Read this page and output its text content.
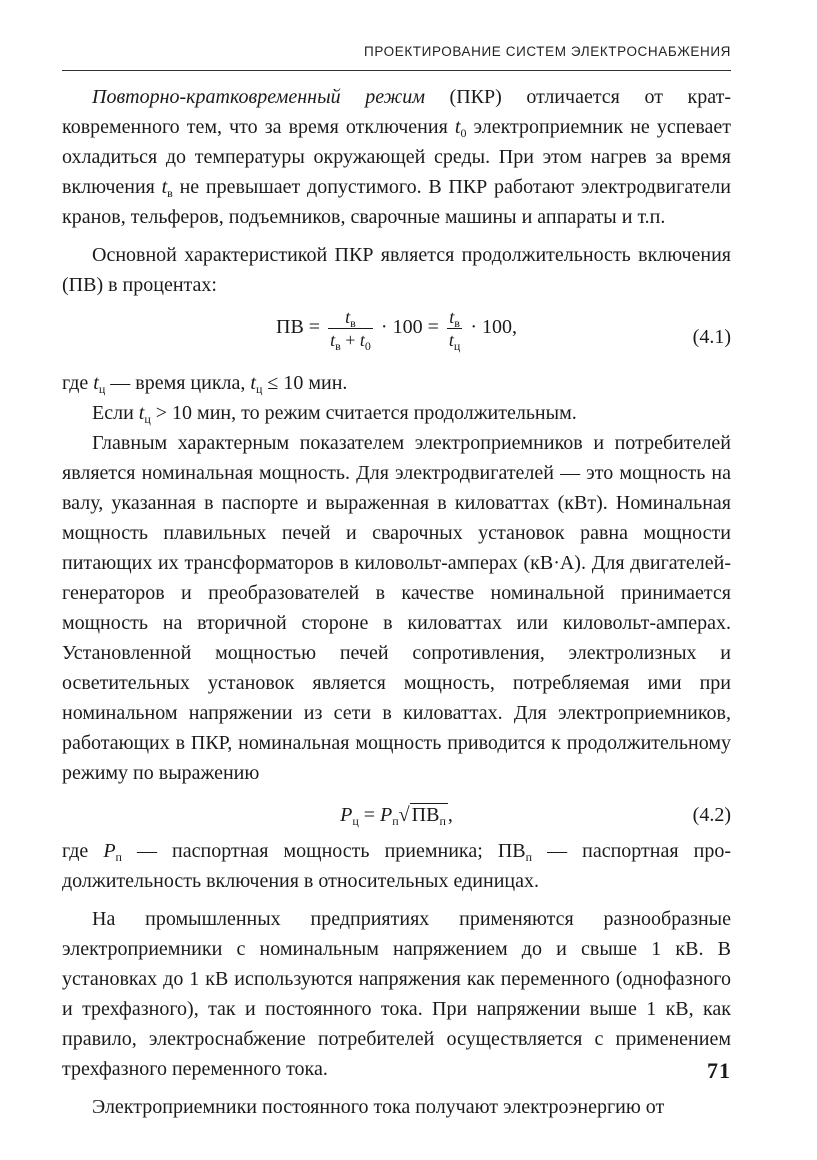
ПРОЕКТИРОВАНИЕ СИСТЕМ ЭЛЕКТРОСНАБЖЕНИЯ

Повторно-кратковременный режим (ПКР) отличается от кратковременного тем, что за время отключения $t_0$ электроприемник не успевает охладиться до температуры окружающей среды. При этом нагрев за время включения $t_в$ не превышает допустимого. В ПКР работают электродвигатели кранов, тельферов, подъемников, сварочные машины и аппараты и т.п.

Основной характеристикой ПКР является продолжительность включения (ПВ) в процентах:

ПВ = $\frac{t_в}{t_в + t_0} \cdot 100 = \frac{t_в}{t_ц} \cdot 100$,	(4.1)

где $t_ц$ — время цикла, $t_ц \le 10$ мин.

Если $t_ц > 10$ мин, то режим считается продолжительным.

Главным характерным показателем электроприемников и потребителей является номинальная мощность. Для электродвигателей — это мощность на валу, указанная в паспорте и выраженная в киловаттах (кВт). Номинальная мощность плавильных печей и сварочных установок равна мощности питающих их трансформаторов в киловольт-амперах (кВ·А). Для двигателей-генераторов и преобразователей в качестве номинальной принимается мощность на вторичной стороне в киловаттах или киловольт-амперах. Установленной мощностью печей сопротивления, электролизных и осветительных установок является мощность, потребляемая ими при номинальном напряжении из сети в киловаттах. Для электроприемников, работающих в ПКР, номинальная мощность приводится к продолжительному режиму по выражению

$P_ц = P_п√$ $ПВ_п$ ,	(4.2)

где $P_п$ — паспортная мощность приемника; $ПВ_п$ — паспортная продолжительность включения в относительных единицах.

На промышленных предприятиях применяются разнообразные электроприемники с номинальным напряжением до и свыше 1 кВ. В установках до 1 кВ используются напряжения как переменного (однофазного и трехфазного), так и постоянного тока. При напряжении выше 1 кВ, как правило, электроснабжение потребителей осуществляется с применением трехфазного переменного тока.

Электроприемники постоянного тока получают электроэнергию от

71
